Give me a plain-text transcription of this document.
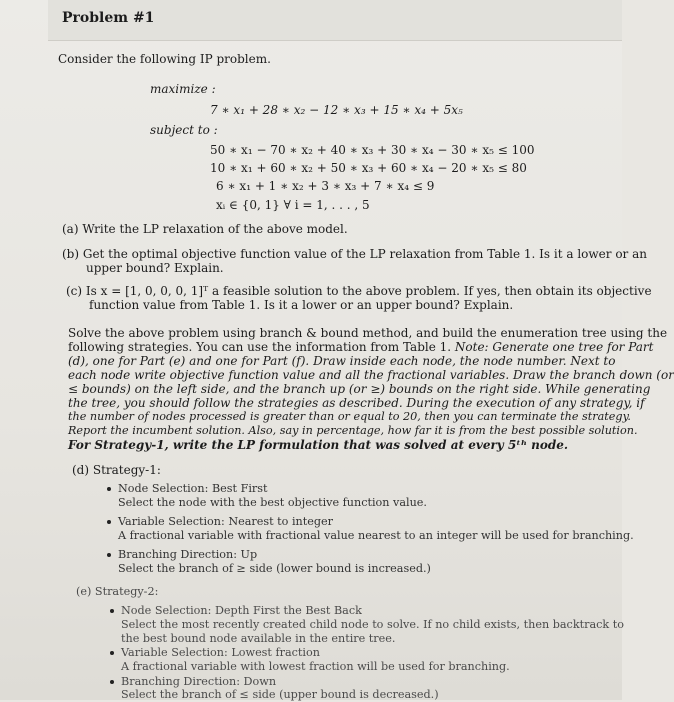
Problem #1
Consider the following IP problem.
maximize :
7 ∗ x₁ + 28 ∗ x₂ − 12 ∗ x₃ + 15 ∗ x₄ + 5x₅
subject to :
50 ∗ x₁ − 70 ∗ x₂ + 40 ∗ x₃ + 30 ∗ x₄ − 30 ∗ x₅ ≤ 100
10 ∗ x₁ + 60 ∗ x₂ + 50 ∗ x₃ + 60 ∗ x₄ − 20 ∗ x₅ ≤ 80
6 ∗ x₁ + 1 ∗ x₂ + 3 ∗ x₃ + 7 ∗ x₄ ≤ 9
xᵢ ∈ {0, 1} ∀ i = 1, . . . , 5
(a) Write the LP relaxation of the above model.
(b) Get the optimal objective function value of the LP relaxation from Table 1. Is it a lower or an
upper bound? Explain.
(c) Is x = [1, 0, 0, 0, 1]ᵀ a feasible solution to the above problem. If yes, then obtain its objective
function value from Table 1. Is it a lower or an upper bound? Explain.
Solve the above problem using branch & bound method, and build the enumeration tree using the
following strategies. You can use the information from Table 1. Note: Generate one tree for Part
(d), one for Part (e) and one for Part (f). Draw inside each node, the node number. Next to
each node write objective function value and all the fractional variables. Draw the branch down (or
≤ bounds) on the left side, and the branch up (or ≥) bounds on the right side. While generating
the tree, you should follow the strategies as described. During the execution of any strategy, if
the number of nodes processed is greater than or equal to 20, then you can terminate the strategy.
Report the incumbent solution. Also, say in percentage, how far it is from the best possible solution.
For Strategy-1, write the LP formulation that was solved at every 5ᵗʰ node.
(d) Strategy-1:
Node Selection: Best First
Select the node with the best objective function value.
Variable Selection: Nearest to integer
A fractional variable with fractional value nearest to an integer will be used for branching.
Branching Direction: Up
Select the branch of ≥ side (lower bound is increased.)
(e) Strategy-2:
Node Selection: Depth First the Best Back
Select the most recently created child node to solve. If no child exists, then backtrack to
the best bound node available in the entire tree.
Variable Selection: Lowest fraction
A fractional variable with lowest fraction will be used for branching.
Branching Direction: Down
Select the branch of ≤ side (upper bound is decreased.)
